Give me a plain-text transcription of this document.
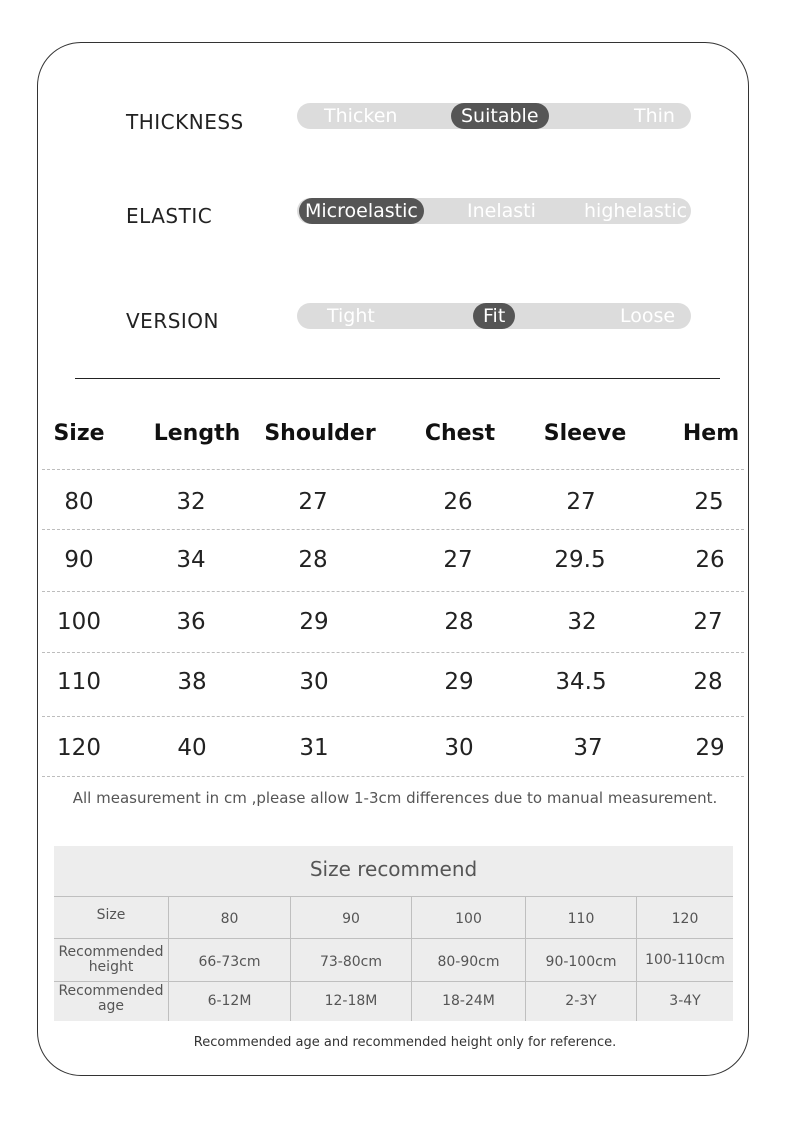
THICKNESS	Thicken	Suitable	Thin
ELASTIC	Microelastic	Inelasti	highelastic
VERSION	Tight	Fit	Loose
Size	Length	Shoulder	Chest	Sleeve	Hem
80	32	27	26	27	25
90	34	28	27	29.5	26
100	36	29	28	32	27
110	38	30	29	34.5	28
120	40	31	30	37	29
All measurement in cm ,please allow 1-3cm differences due to manual measurement.
Size recommend
Size	80	90	100	110	120
Recommended height	66-73cm	73-80cm	80-90cm	90-100cm	100-110cm
Recommended age	6-12M	12-18M	18-24M	2-3Y	3-4Y
Recommended age and recommended height only for reference.
